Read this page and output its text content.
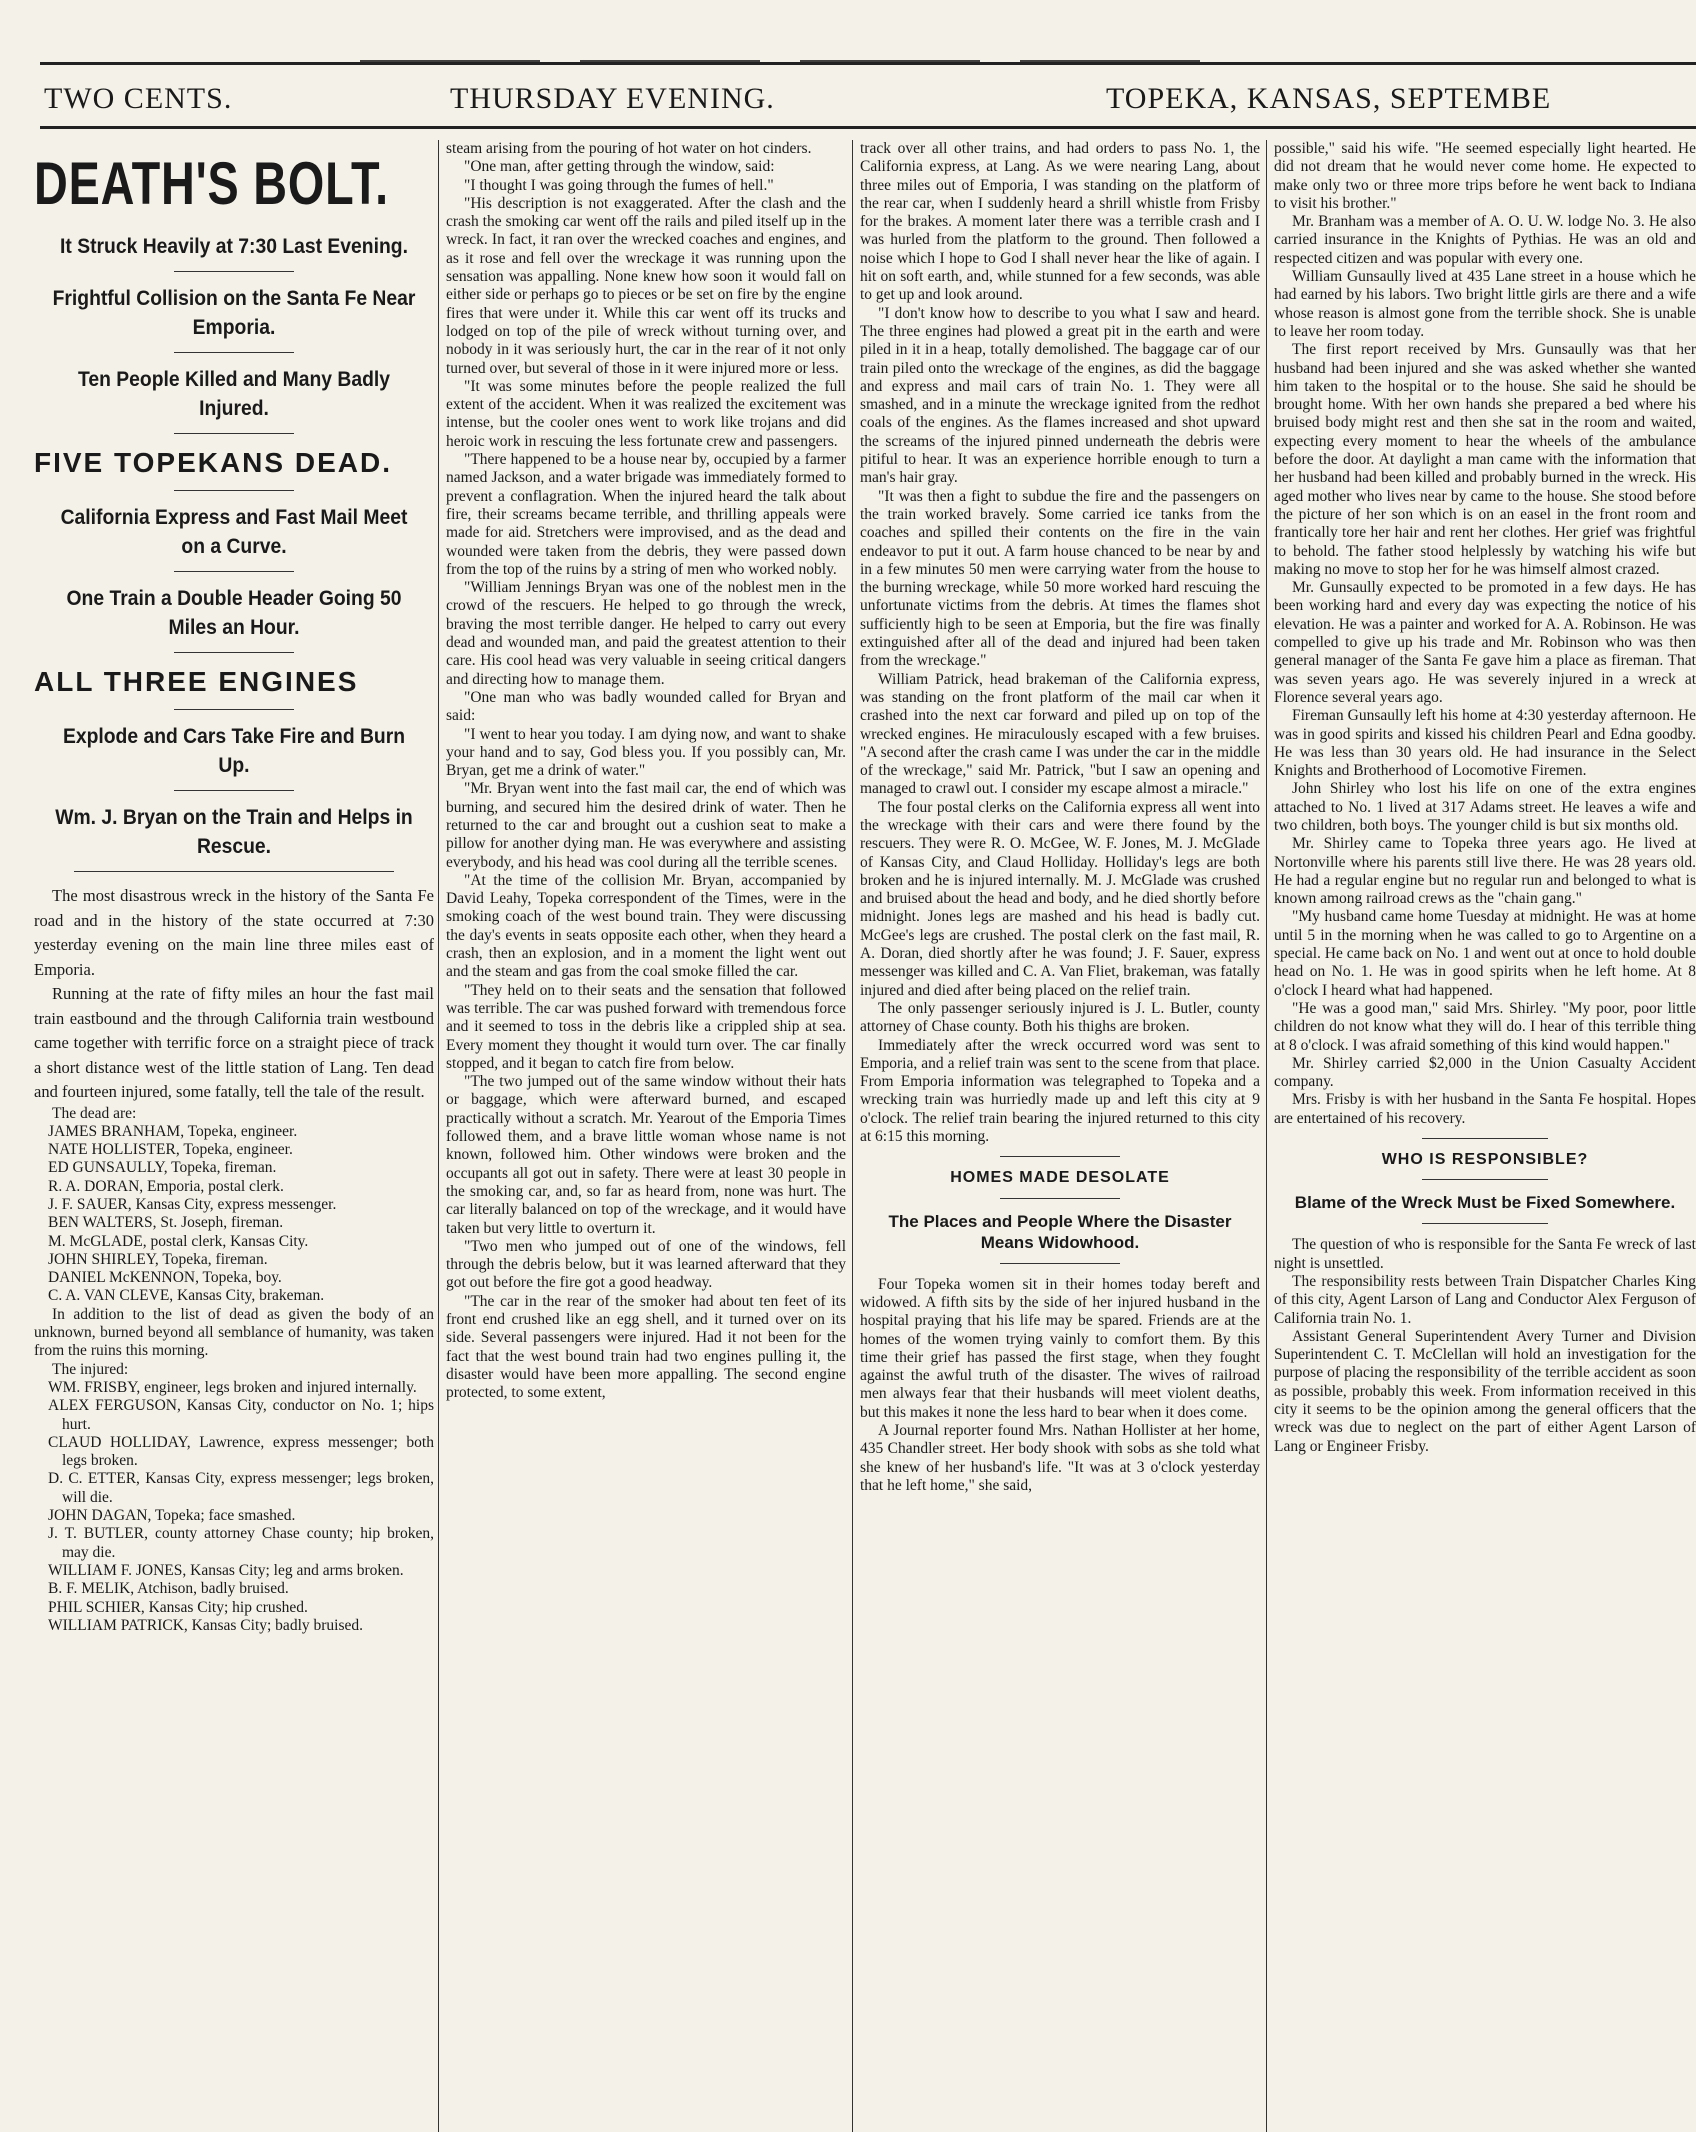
TWO CENTS.	THURSDAY EVENING.	TOPEKA, KANSAS, SEPTEMBE
DEATH'S BOLT.
It Struck Heavily at 7:30 Last Evening.
Frightful Collision on the Santa Fe Near Emporia.
Ten People Killed and Many Badly Injured.
FIVE TOPEKANS DEAD.
California Express and Fast Mail Meet on a Curve.
One Train a Double Header Going 50 Miles an Hour.
ALL THREE ENGINES
Explode and Cars Take Fire and Burn Up.
Wm. J. Bryan on the Train and Helps in Rescue.

The most disastrous wreck in the history of the Santa Fe road and in the history of the state occurred at 7:30 yesterday evening on the main line three miles east of Emporia.

Running at the rate of fifty miles an hour the fast mail train eastbound and the through California train westbound came together with terrific force on a straight piece of track a short distance west of the little station of Lang. Ten dead and fourteen injured, some fatally, tell the tale of the result.

The dead are:

JAMES BRANHAM, Topeka, engineer.

NATE HOLLISTER, Topeka, engineer.

ED GUNSAULLY, Topeka, fireman.

R. A. DORAN, Emporia, postal clerk.

J. F. SAUER, Kansas City, express messenger.

BEN WALTERS, St. Joseph, fireman.

M. McGLADE, postal clerk, Kansas City.

JOHN SHIRLEY, Topeka, fireman.

DANIEL McKENNON, Topeka, boy.

C. A. VAN CLEVE, Kansas City, brakeman.

In addition to the list of dead as given the body of an unknown, burned beyond all semblance of humanity, was taken from the ruins this morning.

The injured:

WM. FRISBY, engineer, legs broken and injured internally.

ALEX FERGUSON, Kansas City, conductor on No. 1; hips hurt.

CLAUD HOLLIDAY, Lawrence, express messenger; both legs broken.

D. C. ETTER, Kansas City, express messenger; legs broken, will die.

JOHN DAGAN, Topeka; face smashed.

J. T. BUTLER, county attorney Chase county; hip broken, may die.

WILLIAM F. JONES, Kansas City; leg and arms broken.

B. F. MELIK, Atchison, badly bruised.

PHIL SCHIER, Kansas City; hip crushed.

WILLIAM PATRICK, Kansas City; badly bruised.

steam arising from the pouring of hot water on hot cinders.

"One man, after getting through the window, said:

"I thought I was going through the fumes of hell."

"His description is not exaggerated. After the clash and the crash the smoking car went off the rails and piled itself up in the wreck. In fact, it ran over the wrecked coaches and engines, and as it rose and fell over the wreckage it was running upon the sensation was appalling. None knew how soon it would fall on either side or perhaps go to pieces or be set on fire by the engine fires that were under it. While this car went off its trucks and lodged on top of the pile of wreck without turning over, and nobody in it was seriously hurt, the car in the rear of it not only turned over, but several of those in it were injured more or less.

"It was some minutes before the people realized the full extent of the accident. When it was realized the excitement was intense, but the cooler ones went to work like trojans and did heroic work in rescuing the less fortunate crew and passengers.

"There happened to be a house near by, occupied by a farmer named Jackson, and a water brigade was immediately formed to prevent a conflagration. When the injured heard the talk about fire, their screams became terrible, and thrilling appeals were made for aid. Stretchers were improvised, and as the dead and wounded were taken from the debris, they were passed down from the top of the ruins by a string of men who worked nobly.

"William Jennings Bryan was one of the noblest men in the crowd of the rescuers. He helped to go through the wreck, braving the most terrible danger. He helped to carry out every dead and wounded man, and paid the greatest attention to their care. His cool head was very valuable in seeing critical dangers and directing how to manage them.

"One man who was badly wounded called for Bryan and said:

"I went to hear you today. I am dying now, and want to shake your hand and to say, God bless you. If you possibly can, Mr. Bryan, get me a drink of water."

"Mr. Bryan went into the fast mail car, the end of which was burning, and secured him the desired drink of water. Then he returned to the car and brought out a cushion seat to make a pillow for another dying man. He was everywhere and assisting everybody, and his head was cool during all the terrible scenes.

"At the time of the collision Mr. Bryan, accompanied by David Leahy, Topeka correspondent of the Times, were in the smoking coach of the west bound train. They were discussing the day's events in seats opposite each other, when they heard a crash, then an explosion, and in a moment the light went out and the steam and gas from the coal smoke filled the car.

"They held on to their seats and the sensation that followed was terrible. The car was pushed forward with tremendous force and it seemed to toss in the debris like a crippled ship at sea. Every moment they thought it would turn over. The car finally stopped, and it began to catch fire from below.

"The two jumped out of the same window without their hats or baggage, which were afterward burned, and escaped practically without a scratch. Mr. Yearout of the Emporia Times followed them, and a brave little woman whose name is not known, followed him. Other windows were broken and the occupants all got out in safety. There were at least 30 people in the smoking car, and, so far as heard from, none was hurt. The car literally balanced on top of the wreckage, and it would have taken but very little to overturn it.

"Two men who jumped out of one of the windows, fell through the debris below, but it was learned afterward that they got out before the fire got a good headway.

"The car in the rear of the smoker had about ten feet of its front end crushed like an egg shell, and it turned over on its side. Several passengers were injured. Had it not been for the fact that the west bound train had two engines pulling it, the disaster would have been more appalling. The second engine protected, to some extent,

track over all other trains, and had orders to pass No. 1, the California express, at Lang. As we were nearing Lang, about three miles out of Emporia, I was standing on the platform of the rear car, when I suddenly heard a shrill whistle from Frisby for the brakes. A moment later there was a terrible crash and I was hurled from the platform to the ground. Then followed a noise which I hope to God I shall never hear the like of again. I hit on soft earth, and, while stunned for a few seconds, was able to get up and look around.

"I don't know how to describe to you what I saw and heard. The three engines had plowed a great pit in the earth and were piled in it in a heap, totally demolished. The baggage car of our train piled onto the wreckage of the engines, as did the baggage and express and mail cars of train No. 1. They were all smashed, and in a minute the wreckage ignited from the redhot coals of the engines. As the flames increased and shot upward the screams of the injured pinned underneath the debris were pitiful to hear. It was an experience horrible enough to turn a man's hair gray.

"It was then a fight to subdue the fire and the passengers on the train worked bravely. Some carried ice tanks from the coaches and spilled their contents on the fire in the vain endeavor to put it out. A farm house chanced to be near by and in a few minutes 50 men were carrying water from the house to the burning wreckage, while 50 more worked hard rescuing the unfortunate victims from the debris. At times the flames shot sufficiently high to be seen at Emporia, but the fire was finally extinguished after all of the dead and injured had been taken from the wreckage."

William Patrick, head brakeman of the California express, was standing on the front platform of the mail car when it crashed into the next car forward and piled up on top of the wrecked engines. He miraculously escaped with a few bruises. "A second after the crash came I was under the car in the middle of the wreckage," said Mr. Patrick, "but I saw an opening and managed to crawl out. I consider my escape almost a miracle."

The four postal clerks on the California express all went into the wreckage with their cars and were there found by the rescuers. They were R. O. McGee, W. F. Jones, M. J. McGlade of Kansas City, and Claud Holliday. Holliday's legs are both broken and he is injured internally. M. J. McGlade was crushed and bruised about the head and body, and he died shortly before midnight. Jones legs are mashed and his head is badly cut. McGee's legs are crushed. The postal clerk on the fast mail, R. A. Doran, died shortly after he was found; J. F. Sauer, express messenger was killed and C. A. Van Fliet, brakeman, was fatally injured and died after being placed on the relief train.

The only passenger seriously injured is J. L. Butler, county attorney of Chase county. Both his thighs are broken.

Immediately after the wreck occurred word was sent to Emporia, and a relief train was sent to the scene from that place. From Emporia information was telegraphed to Topeka and a wrecking train was hurriedly made up and left this city at 9 o'clock. The relief train bearing the injured returned to this city at 6:15 this morning.

HOMES MADE DESOLATE
The Places and People Where the Disaster Means Widowhood.

Four Topeka women sit in their homes today bereft and widowed. A fifth sits by the side of her injured husband in the hospital praying that his life may be spared. Friends are at the homes of the women trying vainly to comfort them. By this time their grief has passed the first stage, when they fought against the awful truth of the disaster. The wives of railroad men always fear that their husbands will meet violent deaths, but this makes it none the less hard to bear when it does come.

A Journal reporter found Mrs. Nathan Hollister at her home, 435 Chandler street. Her body shook with sobs as she told what she knew of her husband's life. "It was at 3 o'clock yesterday that he left home," she said,

possible," said his wife. "He seemed especially light hearted. He did not dream that he would never come home. He expected to make only two or three more trips before he went back to Indiana to visit his brother."

Mr. Branham was a member of A. O. U. W. lodge No. 3. He also carried insurance in the Knights of Pythias. He was an old and respected citizen and was popular with every one.

William Gunsaully lived at 435 Lane street in a house which he had earned by his labors. Two bright little girls are there and a wife whose reason is almost gone from the terrible shock. She is unable to leave her room today.

The first report received by Mrs. Gunsaully was that her husband had been injured and she was asked whether she wanted him taken to the hospital or to the house. She said he should be brought home. With her own hands she prepared a bed where his bruised body might rest and then she sat in the room and waited, expecting every moment to hear the wheels of the ambulance before the door. At daylight a man came with the information that her husband had been killed and probably burned in the wreck. His aged mother who lives near by came to the house. She stood before the picture of her son which is on an easel in the front room and frantically tore her hair and rent her clothes. Her grief was frightful to behold. The father stood helplessly by watching his wife but making no move to stop her for he was himself almost crazed.

Mr. Gunsaully expected to be promoted in a few days. He has been working hard and every day was expecting the notice of his elevation. He was a painter and worked for A. A. Robinson. He was compelled to give up his trade and Mr. Robinson who was then general manager of the Santa Fe gave him a place as fireman. That was seven years ago. He was severely injured in a wreck at Florence several years ago.

Fireman Gunsaully left his home at 4:30 yesterday afternoon. He was in good spirits and kissed his children Pearl and Edna goodby. He was less than 30 years old. He had insurance in the Select Knights and Brotherhood of Locomotive Firemen.

John Shirley who lost his life on one of the extra engines attached to No. 1 lived at 317 Adams street. He leaves a wife and two children, both boys. The younger child is but six months old.

Mr. Shirley came to Topeka three years ago. He lived at Nortonville where his parents still live there. He was 28 years old. He had a regular engine but no regular run and belonged to what is known among railroad crews as the "chain gang."

"My husband came home Tuesday at midnight. He was at home until 5 in the morning when he was called to go to Argentine on a special. He came back on No. 1 and went out at once to hold double head on No. 1. He was in good spirits when he left home. At 8 o'clock I heard what had happened.

"He was a good man," said Mrs. Shirley. "My poor, poor little children do not know what they will do. I hear of this terrible thing at 8 o'clock. I was afraid something of this kind would happen."

Mr. Shirley carried $2,000 in the Union Casualty Accident company.

Mrs. Frisby is with her husband in the Santa Fe hospital. Hopes are entertained of his recovery.

WHO IS RESPONSIBLE?
Blame of the Wreck Must be Fixed Somewhere.

The question of who is responsible for the Santa Fe wreck of last night is unsettled.

The responsibility rests between Train Dispatcher Charles King of this city, Agent Larson of Lang and Conductor Alex Ferguson of California train No. 1.

Assistant General Superintendent Avery Turner and Division Superintendent C. T. McClellan will hold an investigation for the purpose of placing the responsibility of the terrible accident as soon as possible, probably this week. From information received in this city it seems to be the opinion among the general officers that the wreck was due to neglect on the part of either Agent Larson of Lang or Engineer Frisby.
